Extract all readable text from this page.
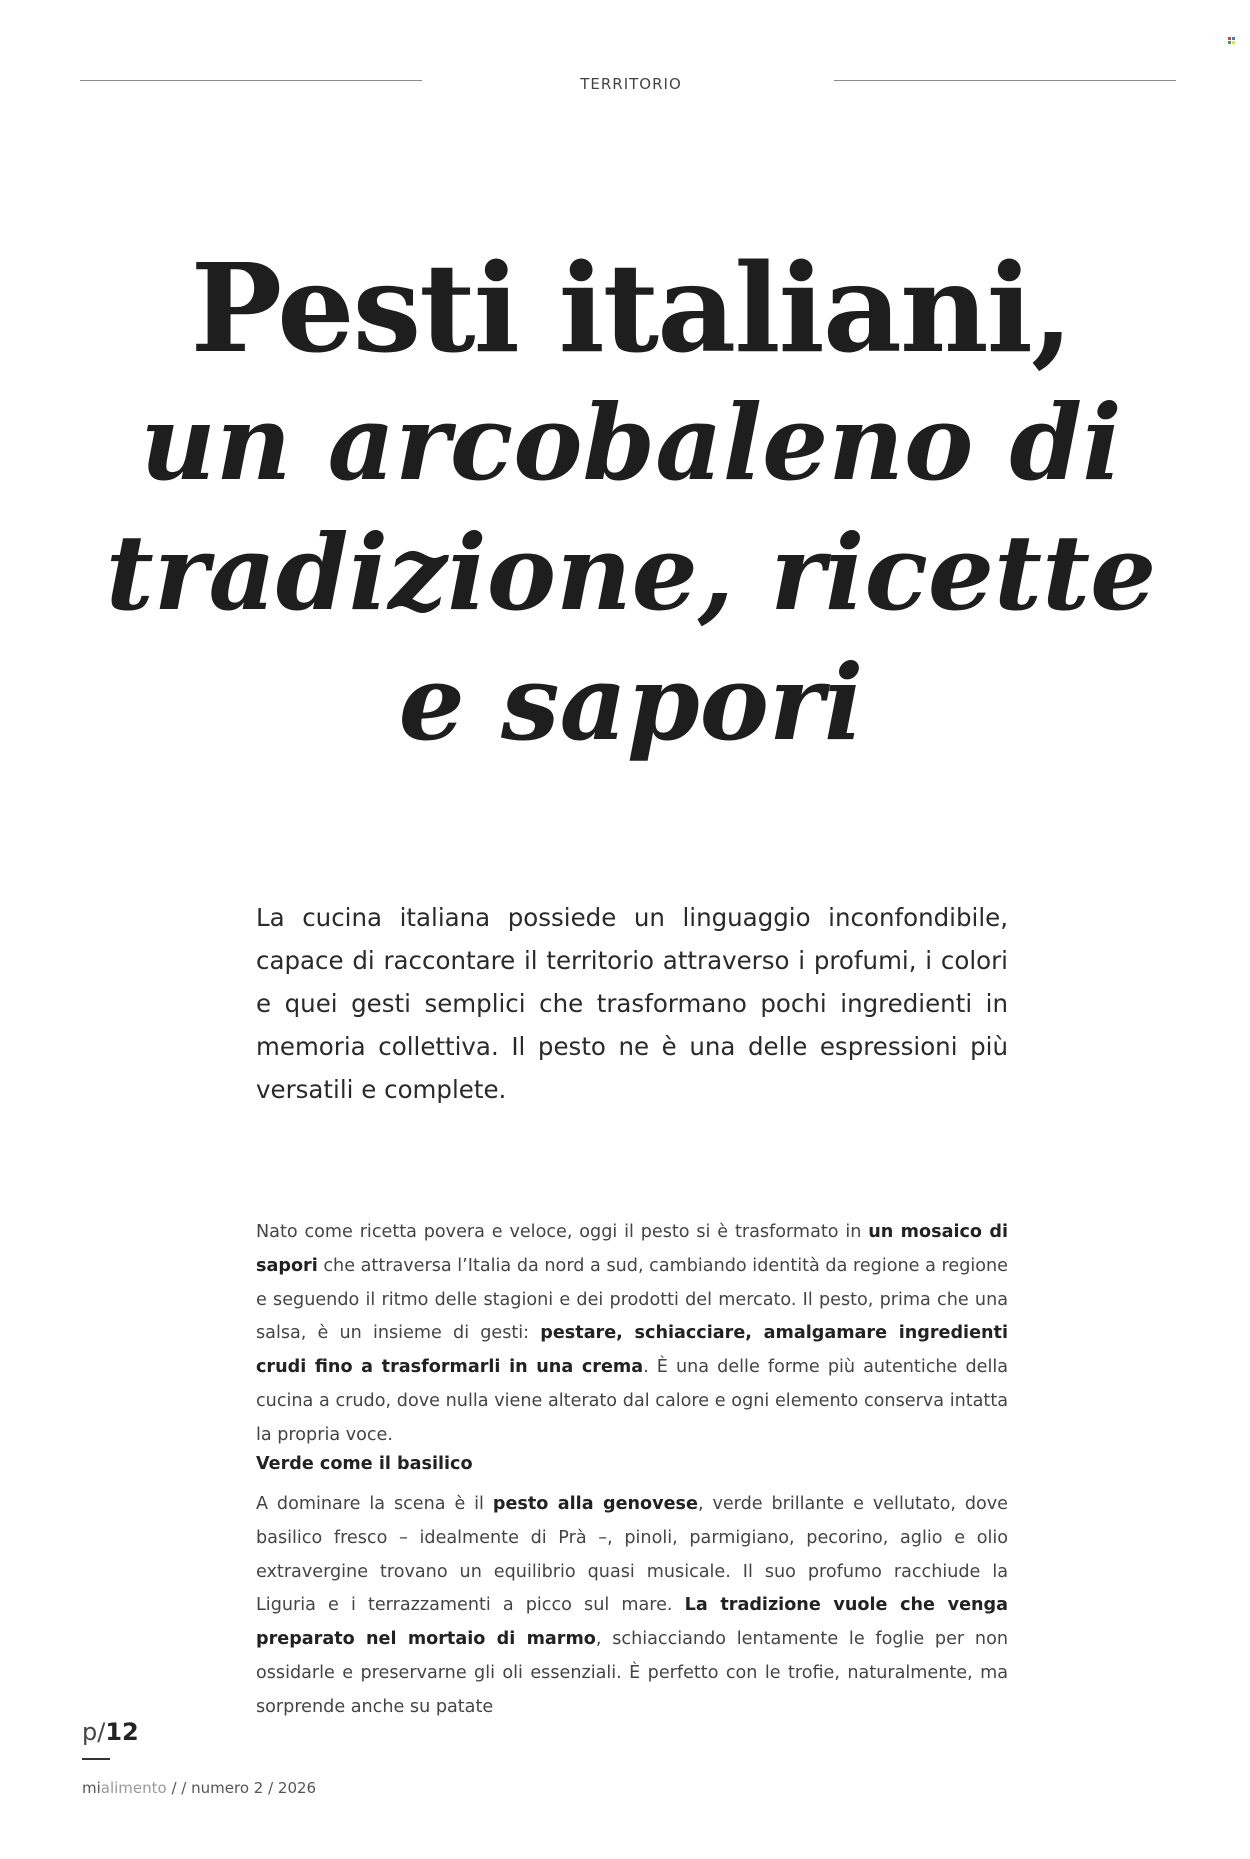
TERRITORIO
Pesti italiani,
un arcobaleno di
tradizione, ricette
e sapori

La cucina italiana possiede un linguaggio inconfondibile, capace di raccontare il territorio attraverso i profumi, i colori e quei gesti semplici che trasformano pochi ingredienti in memoria collettiva. Il pesto ne è una delle espressioni più versatili e complete.

Nato come ricetta povera e veloce, oggi il pesto si è trasformato in un mosaico di sapori che attraversa l’Italia da nord a sud, cambiando identità da regione a regione e seguendo il ritmo delle stagioni e dei prodotti del mercato. Il pesto, prima che una salsa, è un insieme di gesti: pestare, schiacciare, amalgamare ingredienti crudi fino a trasformarli in una crema. È una delle forme più autentiche della cucina a crudo, dove nulla viene alterato dal calore e ogni elemento conserva intatta la propria voce.

Verde come il basilico

A dominare la scena è il pesto alla genovese, verde brillante e vellutato, dove basilico fresco – idealmente di Prà –, pinoli, parmigiano, pecorino, aglio e olio extravergine trovano un equilibrio quasi musicale. Il suo profumo racchiude la Liguria e i terrazzamenti a picco sul mare. La tradizione vuole che venga preparato nel mortaio di marmo, schiacciando lentamente le foglie per non ossidarle e preservarne gli oli essenziali. È perfetto con le trofie, naturalmente, ma sorprende anche su patate

p/12
mialimento / / numero 2 / 2026
